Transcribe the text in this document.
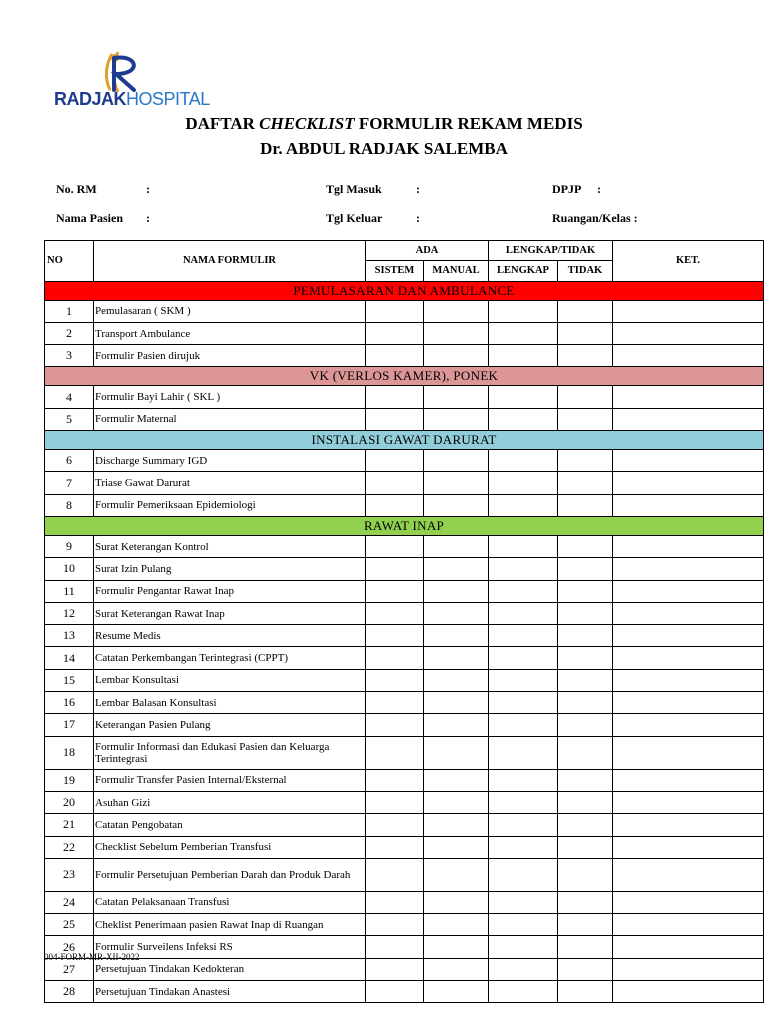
RADJAKHOSPITAL
DAFTAR CHECKLIST FORMULIR REKAM MEDIS
Dr. ABDUL RADJAK SALEMBA
No. RM	:	Tgl Masuk	:	DPJP :
Nama Pasien :	Tgl Keluar	:	Ruangan/Kelas :
NO	NAMA FORMULIR	ADA		LENGKAP/TIDAK		KET.
		SISTEM	MANUAL	LENGKAP	TIDAK	
PEMULASARAN DAN AMBULANCE						
1	Pemulasaran ( SKM )					
2	Transport Ambulance					
3	Formulir Pasien dirujuk					
VK (VERLOS KAMER), PONEK						
4	Formulir Bayi Lahir ( SKL )					
5	Formulir Maternal					
INSTALASI GAWAT DARURAT						
6	Discharge Summary IGD					
7	Triase Gawat Darurat					
8	Formulir Pemeriksaan Epidemiologi					
RAWAT INAP						
9	Surat Keterangan Kontrol					
10	Surat Izin Pulang					
11	Formulir Pengantar Rawat Inap					
12	Surat Keterangan Rawat Inap					
13	Resume Medis					
14	Catatan Perkembangan Terintegrasi (CPPT)					
15	Lembar Konsultasi					
16	Lembar Balasan Konsultasi					
17	Keterangan Pasien Pulang					
18	Formulir Informasi dan Edukasi Pasien dan Keluarga Terintegrasi					
19	Formulir Transfer Pasien Internal/Eksternal					
20	Asuhan Gizi					
21	Catatan Pengobatan					
22	Checklist Sebelum Pemberian Transfusi					
23	Formulir Persetujuan Pemberian Darah dan Produk Darah					
24	Catatan Pelaksanaan Transfusi					
25	Cheklist Penerimaan pasien Rawat Inap di Ruangan					
26	Formulir Surveilens Infeksi RS					
27	Persetujuan Tindakan Kedokteran					
28	Persetujuan Tindakan Anastesi					
004-FORM-MR-XII-2022
